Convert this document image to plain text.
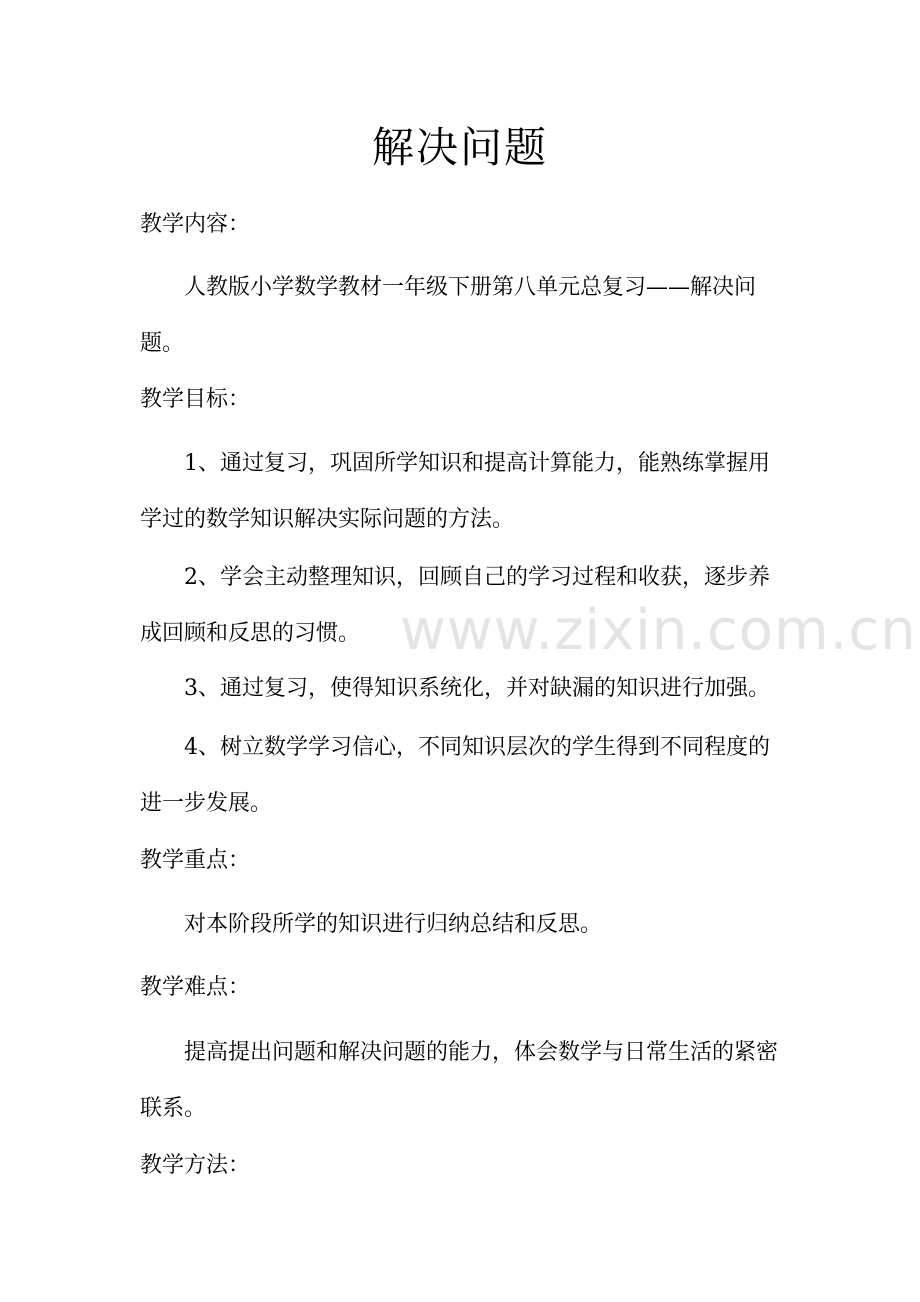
解决问题

教学内容：

人教版小学数学教材一年级下册第八单元总复习——解决问题。

教学目标：

1、通过复习，巩固所学知识和提高计算能力，能熟练掌握用学过的数学知识解决实际问题的方法。

2、学会主动整理知识，回顾自己的学习过程和收获，逐步养成回顾和反思的习惯。

3、通过复习，使得知识系统化，并对缺漏的知识进行加强。

4、树立数学学习信心，不同知识层次的学生得到不同程度的进一步发展。

教学重点：

对本阶段所学的知识进行归纳总结和反思。

教学难点：

提高提出问题和解决问题的能力，体会数学与日常生活的紧密联系。

教学方法：

www.zixin.com.cn
